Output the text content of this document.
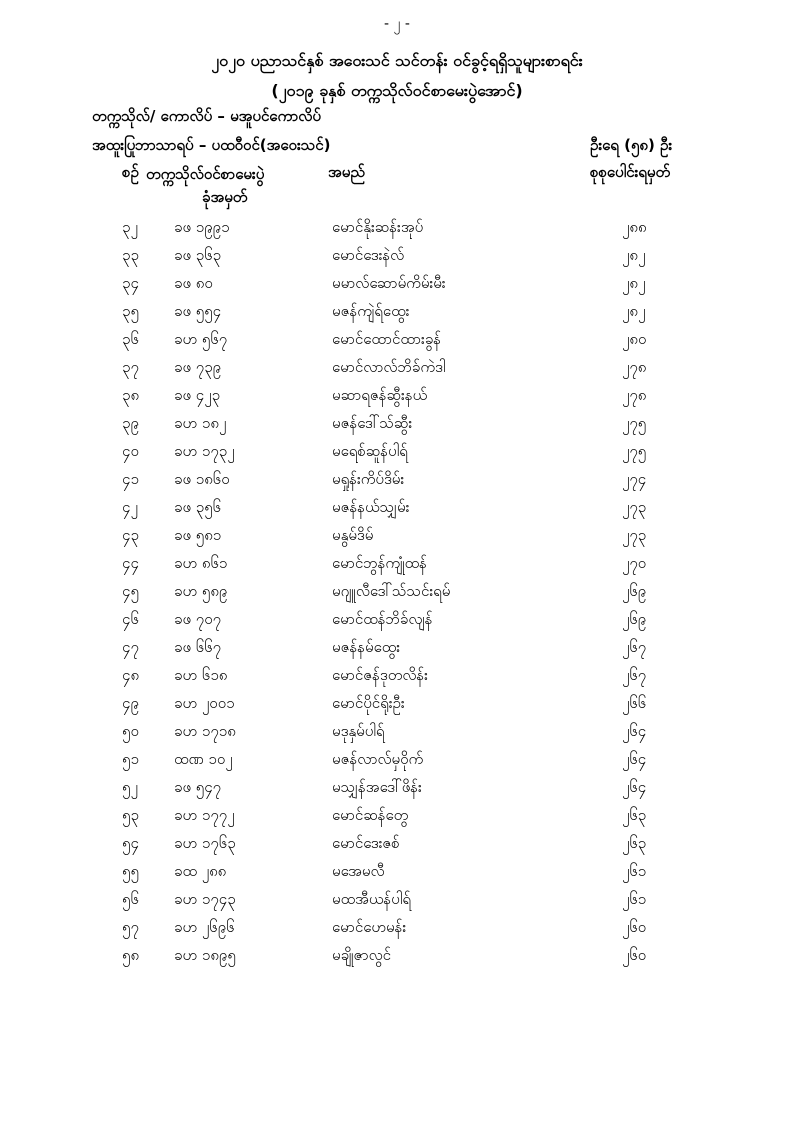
- ၂ -
၂၀၂၀ ပညာသင်နှစ် အဝေးသင် သင်တန်း ဝင်ခွင့်ရရှိသူများစာရင်း
(၂၀၁၉ ခုနှစ် တက္ကသိုလ်ဝင်စာမေးပွဲအောင်)
တက္ကသိုလ်/ ကောလိပ် – မအူပင်ကောလိပ်
အထူးပြုဘာသာရပ် – ပထဝီဝင်(အဝေးသင်)	ဦးရေ (၅၈) ဦး
စဉ် တက္ကသိုလ်ဝင်စာမေးပွဲ
ခုံအမှတ်
အမည်	စုစုပေါင်းရမှတ်
၃၂ ခဖ ၁၉၉၁	မောင်နိုးဆန်းအုပ်	၂၈၈
၃၃ ခဖ ၃၆၃	မောင်ဒေးနဲလ်	၂၈၂
၃၄ ခဖ ၈၀	မမာလ်ဆောမ်ကိမ်းမီး	၂၈၂
၃၅ ခဖ ၅၅၄	မဇန်ကျဲရ်ထွေး	၂၈၂
၃၆ ခဟ ၅၆၇	မောင်ထောင်ထားခွန်	၂၈၀
၃၇ ခဖ ၇၃၉	မောင်လာလ်ဘိခ်ကဲဒါ	၂၇၈
၃၈ ခဖ ၄၂၃	မဆာရဇန်ဆွီးနယ်	၂၇၈
၃၉ ခဟ ၁၈၂	မဇန်ဒေါ်သ်ဆွီး	၂၇၅
၄၀ ခဟ ၁၇၃၂	မရေစ်ဆူန်ပါရ်	၂၇၅
၄၁ ခဖ ၁၈၆၀	မရှုန်းကိပ်ဒိမ်း	၂၇၄
၄၂ ခဖ ၃၅၆	မဇန်နယ်သျှမ်း	၂၇၃
၄၃ ခဖ ၅၈၁	မနွမ်ဒိမ်	၂၇၃
၄၄ ခဟ ၈၆၁	မောင်ဘွန်ကျုံထန်	၂၇၀
၄၅ ခဟ ၅၈၉	မဂျူလီဒေါ်သ်သင်းရမ်	၂၆၉
၄၆ ခဖ ၇၀၇	မောင်ထန်ဘိခ်လျန်	၂၆၉
၄၇ ခဖ ၆၆၇	မဇန်နမ်ထွေး	၂၆၇
၄၈ ခဟ ၆၁၈	မောင်ဇန်ဒုတလိန်း	၂၆၇
၄၉ ခဟ ၂၀၀၁	မောင်ပိုင်ရိုးဦး	၂၆၆
၅၀ ခဟ ၁၇၁၈	မဒုနှမ်ပါရ်	၂၆၄
၅၁ ထဏ ၁၀၂	မဇန်လာလ်မှဝိုက်	၂၆၄
၅၂ ခဖ ၅၄၇	မသျှန်အဒေါ်ဖိန်း	၂၆၄
၅၃ ခဟ ၁၇၇၂	မောင်ဆန်တွေ	၂၆၃
၅၄ ခဟ ၁၇၆၃	မောင်ဒေးဇစ်	၂၆၃
၅၅ ခထ ၂၈၈	မအေမလီ	၂၆၁
၅၆ ခဟ ၁၇၄၃	မထအီယန်ပါရ်	၂၆၁
၅၇ ခဟ ၂၆၉၆	မောင်ဟေမန်း	၂၆၀
၅၈ ခဟ ၁၈၉၅	မချိုဇာလွင်	၂၆၀
